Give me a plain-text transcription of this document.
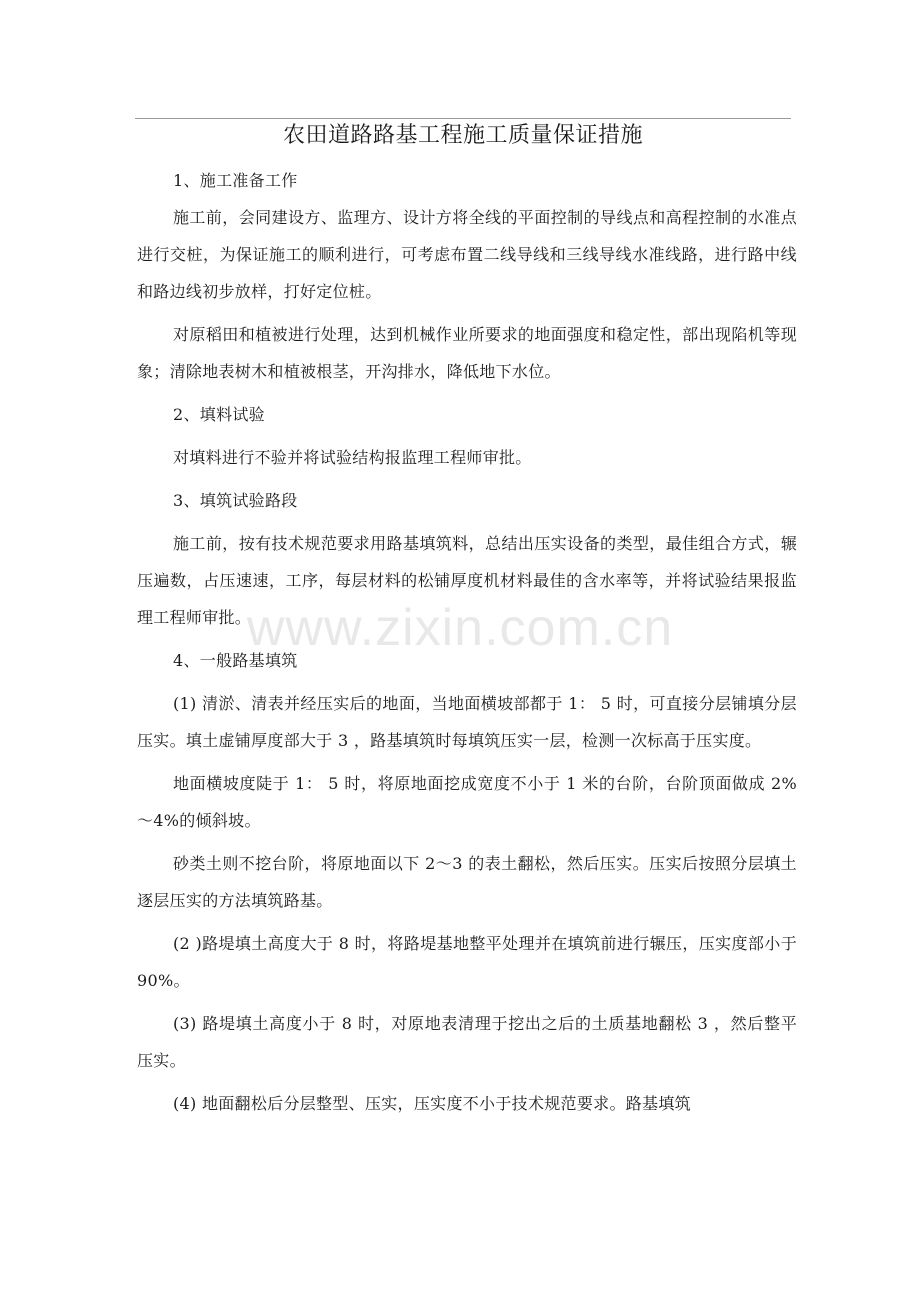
农田道路路基工程施工质量保证措施

1、施工准备工作

施工前，会同建设方、监理方、设计方将全线的平面控制的导线点和高程控制的水准点进行交桩，为保证施工的顺利进行，可考虑布置二线导线和三线导线水准线路，进行路中线和路边线初步放样，打好定位桩。

对原稻田和植被进行处理，达到机械作业所要求的地面强度和稳定性，部出现陷机等现象；清除地表树木和植被根茎，开沟排水，降低地下水位。

2、填料试验

对填料进行不验并将试验结构报监理工程师审批。

3、填筑试验路段

施工前，按有技术规范要求用路基填筑料，总结出压实设备的类型，最佳组合方式，辗压遍数，占压速速，工序，每层材料的松铺厚度机材料最佳的含水率等，并将试验结果报监理工程师审批。

4、一般路基填筑

(1) 清淤、清表并经压实后的地面，当地面横坡部都于 1： 5 时，可直接分层铺填分层压实。填土虚铺厚度部大于 3 ，路基填筑时每填筑压实一层，检测一次标高于压实度。

地面横坡度陡于 1： 5 时，将原地面挖成宽度不小于 1 米的台阶，台阶顶面做成 2%～4%的倾斜坡。

砂类土则不挖台阶，将原地面以下 2～3 的表土翻松，然后压实。压实后按照分层填土逐层压实的方法填筑路基。

(2 )路堤填土高度大于 8 时，将路堤基地整平处理并在填筑前进行辗压，压实度部小于 90%。

(3) 路堤填土高度小于 8 时，对原地表清理于挖出之后的土质基地翻松 3 ，然后整平压实。

(4) 地面翻松后分层整型、压实，压实度不小于技术规范要求。路基填筑

www.zixin.com.cn
